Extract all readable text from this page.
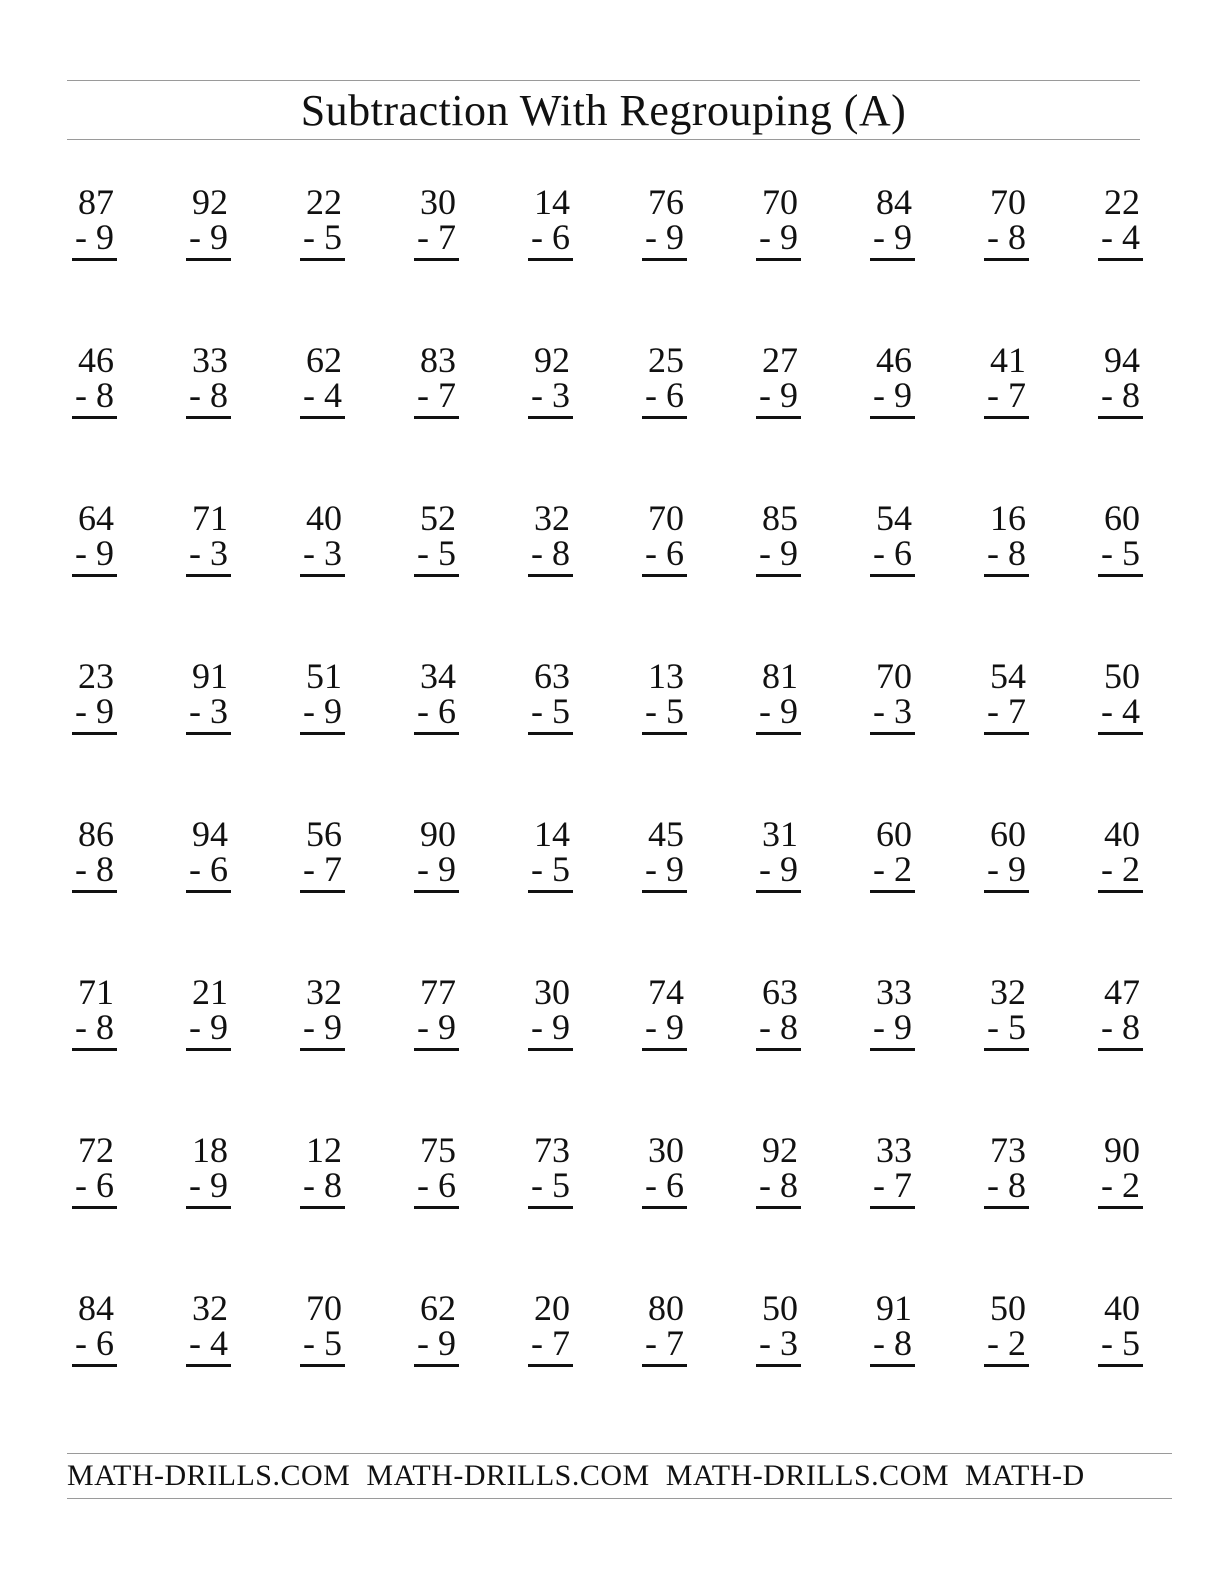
Subtraction With Regrouping (A)
87
- 9
92
- 9
22
- 5
30
- 7
14
- 6
76
- 9
70
- 9
84
- 9
70
- 8
22
- 4
46
- 8
33
- 8
62
- 4
83
- 7
92
- 3
25
- 6
27
- 9
46
- 9
41
- 7
94
- 8
64
- 9
71
- 3
40
- 3
52
- 5
32
- 8
70
- 6
85
- 9
54
- 6
16
- 8
60
- 5
23
- 9
91
- 3
51
- 9
34
- 6
63
- 5
13
- 5
81
- 9
70
- 3
54
- 7
50
- 4
86
- 8
94
- 6
56
- 7
90
- 9
14
- 5
45
- 9
31
- 9
60
- 2
60
- 9
40
- 2
71
- 8
21
- 9
32
- 9
77
- 9
30
- 9
74
- 9
63
- 8
33
- 9
32
- 5
47
- 8
72
- 6
18
- 9
12
- 8
75
- 6
73
- 5
30
- 6
92
- 8
33
- 7
73
- 8
90
- 2
84
- 6
32
- 4
70
- 5
62
- 9
20
- 7
80
- 7
50
- 3
91
- 8
50
- 2
40
- 5
MATH-DRILLS.COM MATH-DRILLS.COM MATH-DRILLS.COM MATH-D
